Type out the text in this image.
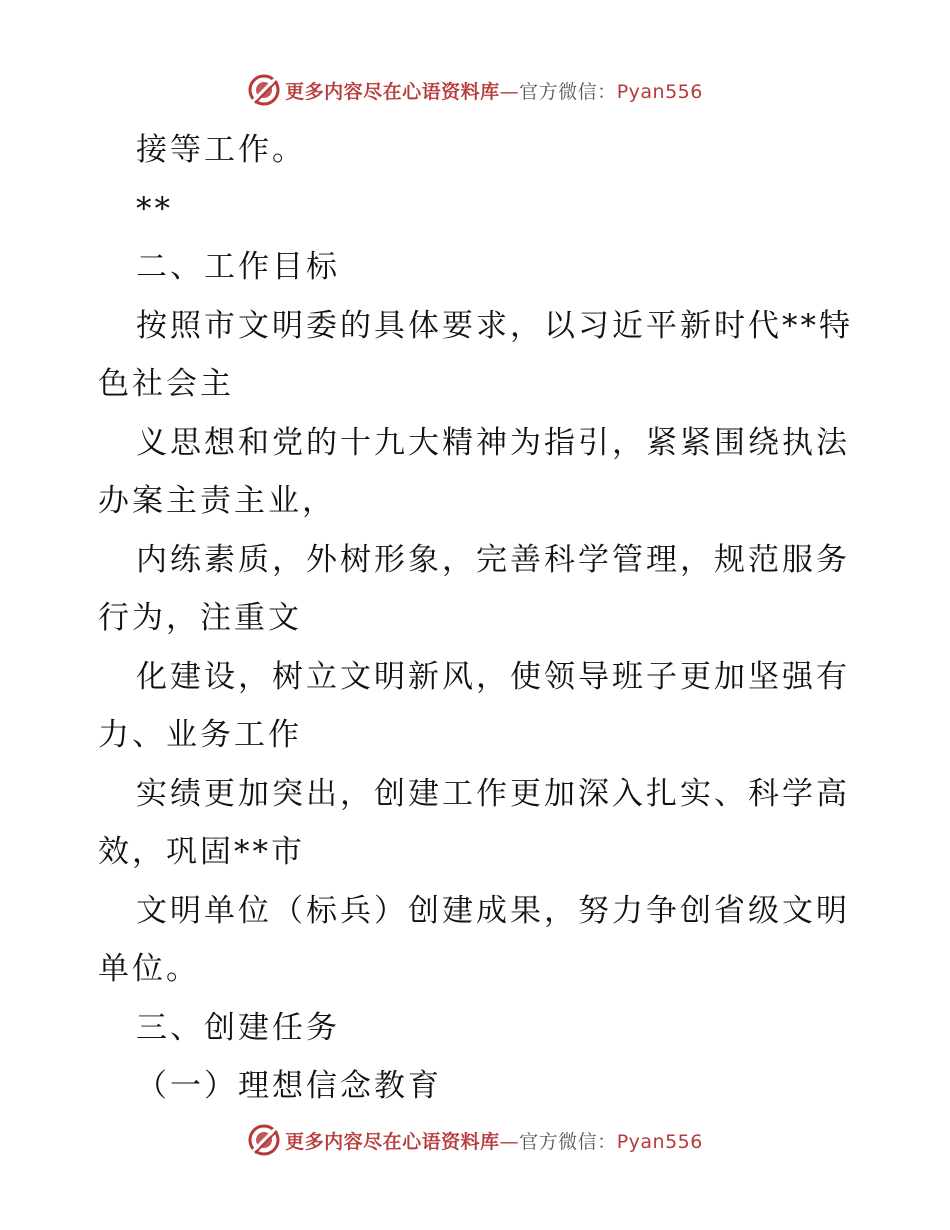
更多内容尽在心语资料库—官方微信：Pyan556
接等工作。
**
二、工作目标
按照市文明委的具体要求，以习近平新时代**特
色社会主
义思想和党的十九大精神为指引，紧紧围绕执法
办案主责主业，
内练素质，外树形象，完善科学管理，规范服务
行为，注重文
化建设，树立文明新风，使领导班子更加坚强有
力、业务工作
实绩更加突出，创建工作更加深入扎实、科学高
效，巩固**市
文明单位（标兵）创建成果，努力争创省级文明
单位。
三、创建任务
（一）理想信念教育
更多内容尽在心语资料库—官方微信：Pyan556
